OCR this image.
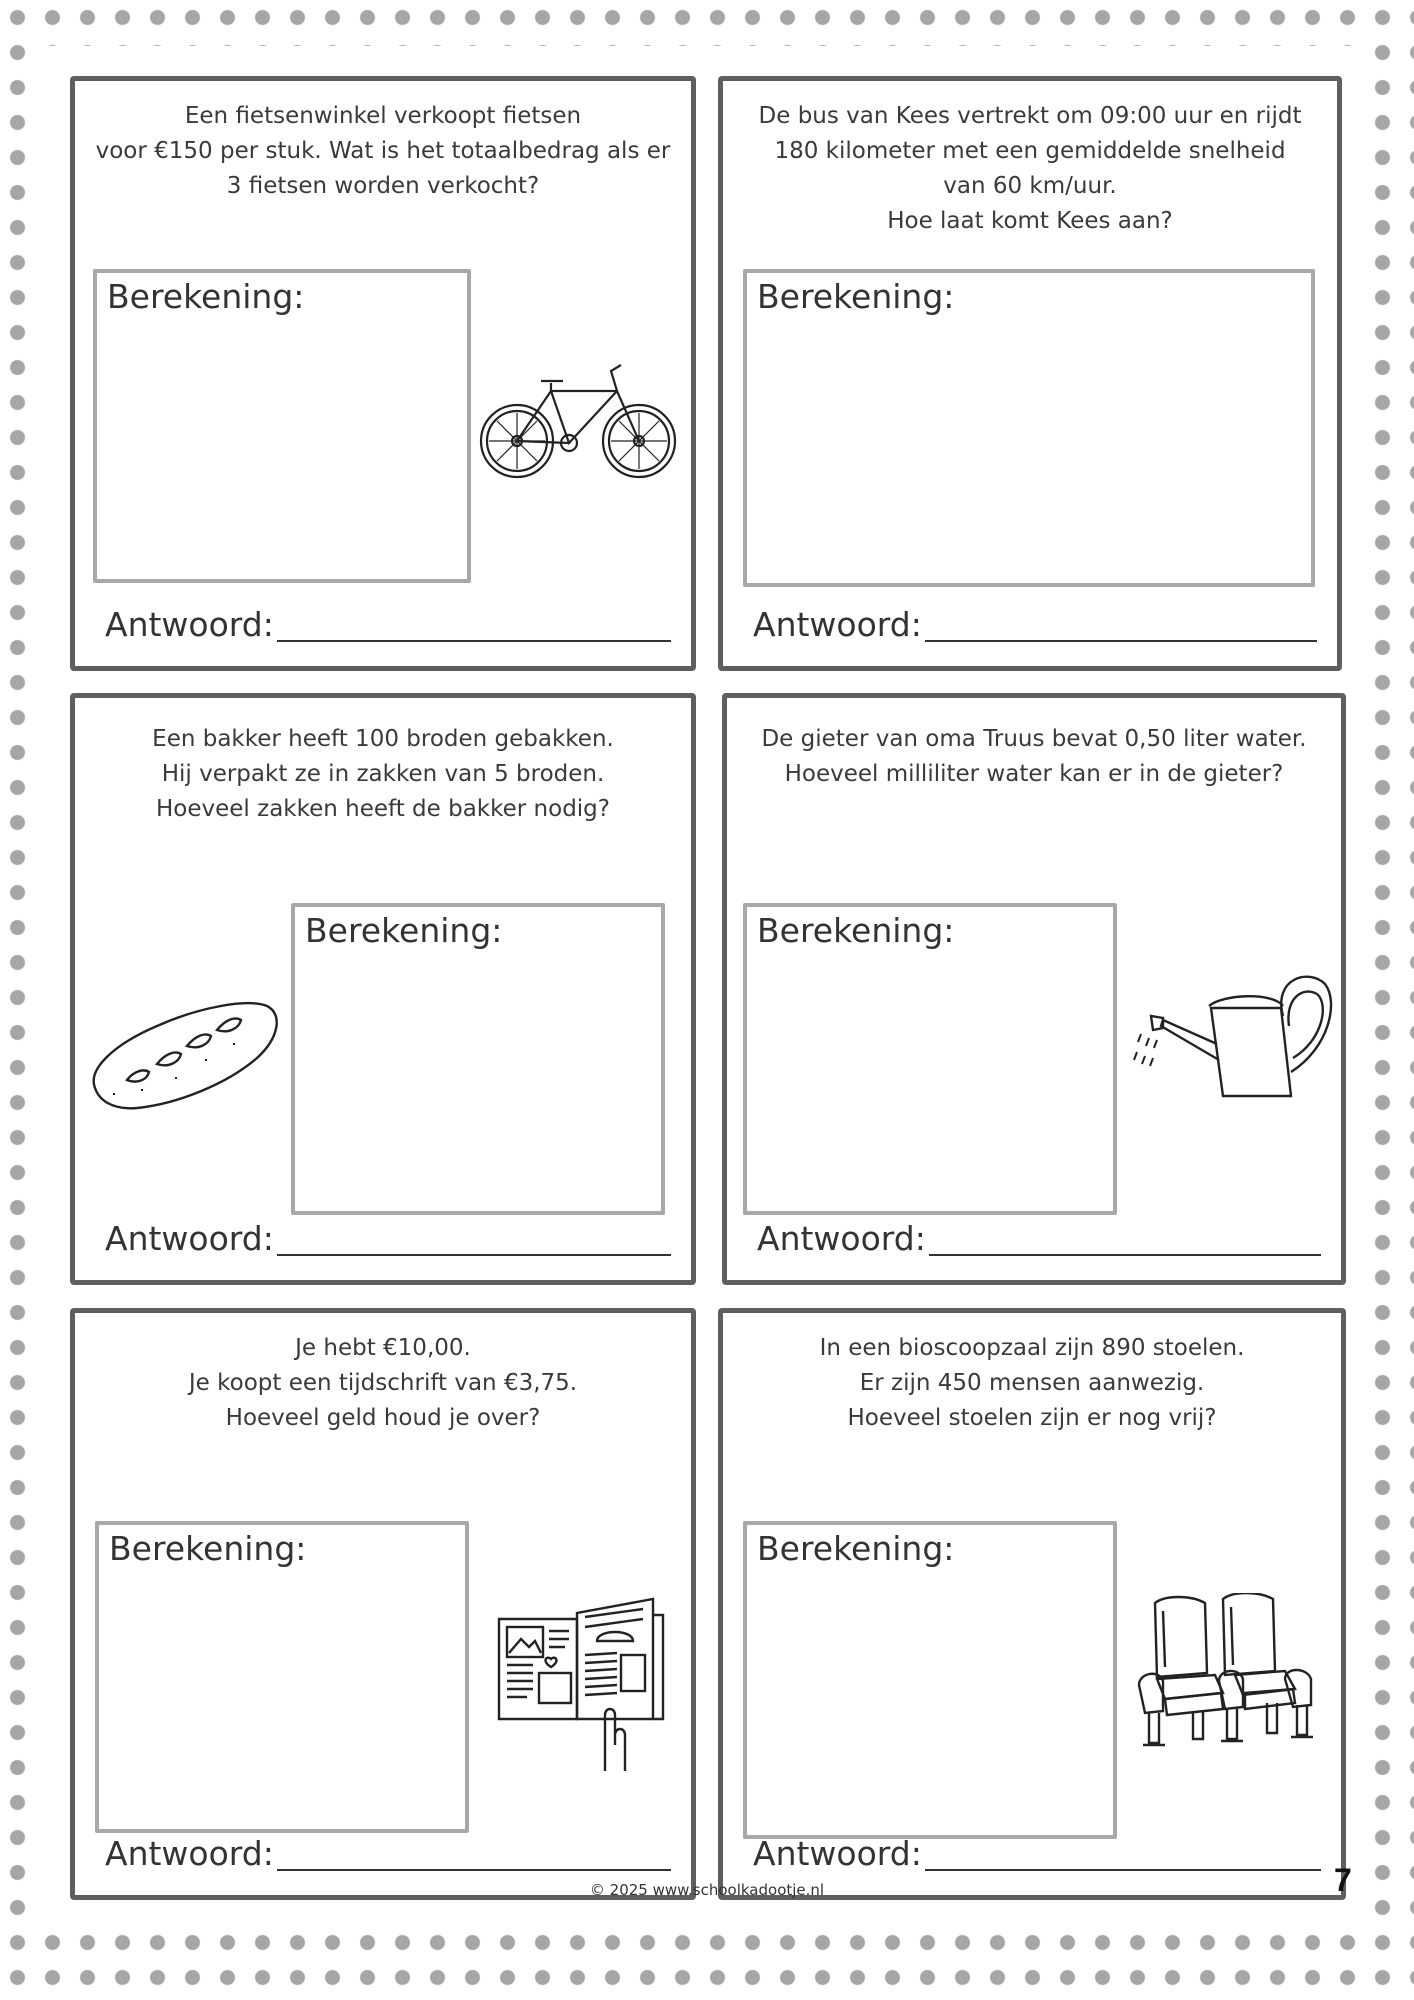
Een fietsenwinkel verkoopt fietsen
voor €150 per stuk. Wat is het totaalbedrag als er
3 fietsen worden verkocht?
Berekening:
Antwoord:
De bus van Kees vertrekt om 09:00 uur en rijdt
180 kilometer met een gemiddelde snelheid
van 60 km/uur.
Hoe laat komt Kees aan?
Berekening:
Antwoord:
Een bakker heeft 100 broden gebakken.
Hij verpakt ze in zakken van 5 broden.
Hoeveel zakken heeft de bakker nodig?
Berekening:
Antwoord:
De gieter van oma Truus bevat 0,50 liter water.
Hoeveel milliliter water kan er in de gieter?
Berekening:
Antwoord:
Je hebt €10,00.
Je koopt een tijdschrift van €3,75.
Hoeveel geld houd je over?
Berekening:
Antwoord:
In een bioscoopzaal zijn 890 stoelen.
Er zijn 450 mensen aanwezig.
Hoeveel stoelen zijn er nog vrij?
Berekening:
Antwoord:
© 2025 www.schoolkadootje.nl	7
